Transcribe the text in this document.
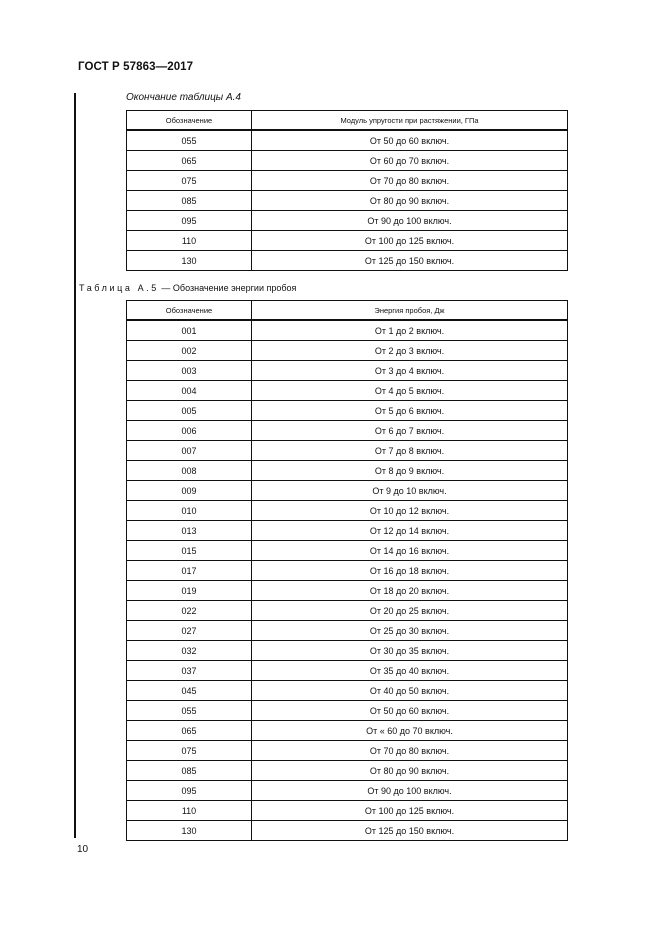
ГОСТ Р 57863—2017
Окончание таблицы А.4
Обозначение	Модуль упругости при растяжении, ГПа
055	От 50 до 60 включ.
065	От 60 до 70 включ.
075	От 70 до 80 включ.
085	От 80 до 90 включ.
095	От 90 до 100 включ.
110	От 100 до 125 включ.
130	От 125 до 150 включ.
Таблица А.5 — Обозначение энергии пробоя
Обозначение	Энергия пробоя, Дж
001	От 1 до 2 включ.
002	От 2 до 3 включ.
003	От 3 до 4 включ.
004	От 4 до 5 включ.
005	От 5 до 6 включ.
006	От 6 до 7 включ.
007	От 7 до 8 включ.
008	От 8 до 9 включ.
009	От 9 до 10 включ.
010	От 10 до 12 включ.
013	От 12 до 14 включ.
015	От 14 до 16 включ.
017	От 16 до 18 включ.
019	От 18 до 20 включ.
022	От 20 до 25 включ.
027	От 25 до 30 включ.
032	От 30 до 35 включ.
037	От 35 до 40 включ.
045	От 40 до 50 включ.
055	От 50 до 60 включ.
065	От « 60 до 70 включ.
075	От 70 до 80 включ.
085	От 80 до 90 включ.
095	От 90 до 100 включ.
110	От 100 до 125 включ.
130	От 125 до 150 включ.
10
